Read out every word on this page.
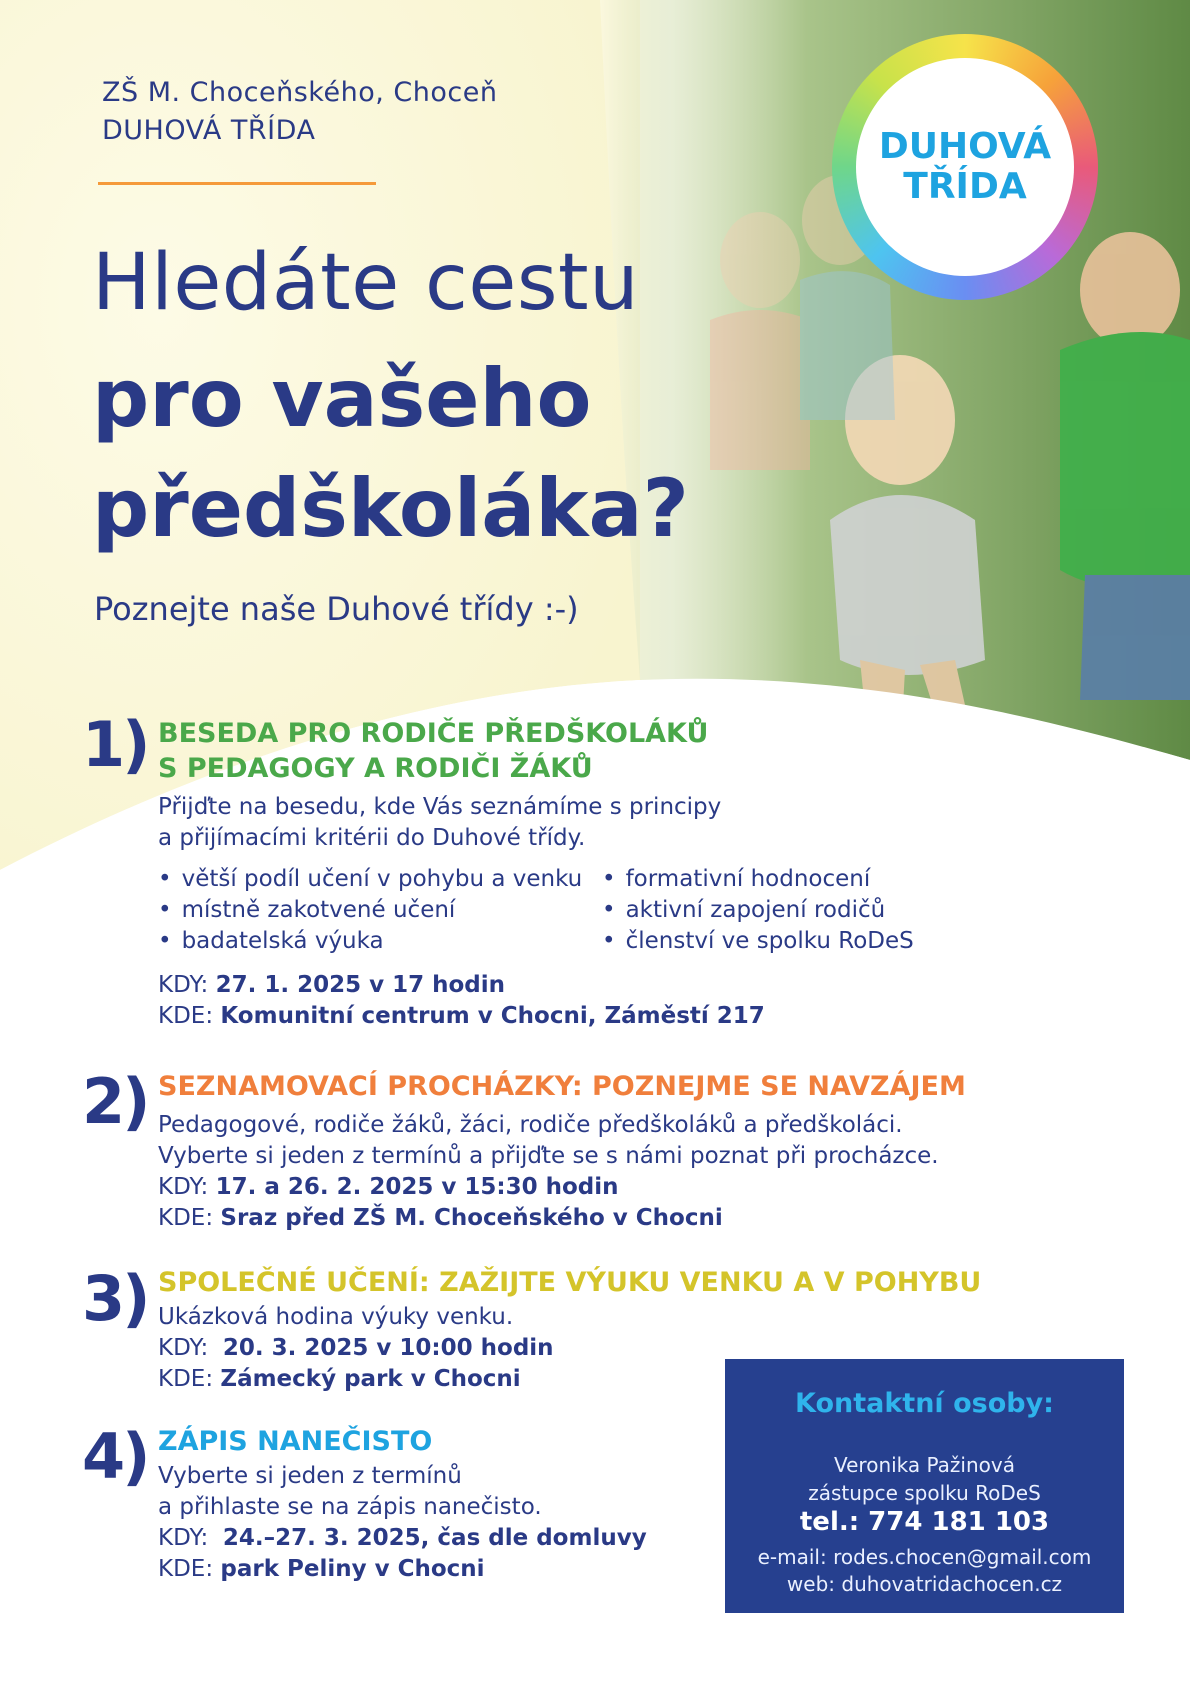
ZŠ M. Choceňského, Choceň
DUHOVÁ TŘÍDA	DUHOVÁ
TŘÍDA
Hledáte cestu
pro vašeho
předškoláka?
Poznejte naše Duhové třídy :-)
1) BESEDA PRO RODIČE PŘEDŠKOLÁKŮ
S PEDAGOGY A RODIČI ŽÁKŮ
Přijďte na besedu, kde Vás seznámíme s principy
a přijímacími kritérii do Duhové třídy.
• větší podíl učení v pohybu a venku
• místně zakotvené učení
• badatelská výuka
• formativní hodnocení
• aktivní zapojení rodičů
• členství ve spolku RoDeS
KDY: 27. 1. 2025 v 17 hodin
KDE: Komunitní centrum v Chocni, Záměstí 217
2) SEZNAMOVACÍ PROCHÁZKY: POZNEJME SE NAVZÁJEM
Pedagogové, rodiče žáků, žáci, rodiče předškoláků a předškoláci.
Vyberte si jeden z termínů a přijďte se s námi poznat při procházce.
KDY: 17. a 26. 2. 2025 v 15:30 hodin
KDE: Sraz před ZŠ M. Choceňského v Chocni
3) SPOLEČNÉ UČENÍ: ZAŽIJTE VÝUKU VENKU A V POHYBU
Ukázková hodina výuky venku.
KDY: 20. 3. 2025 v 10:00 hodin
KDE: Zámecký park v Chocni
4) ZÁPIS NANEČISTO
Vyberte si jeden z termínů
a přihlaste se na zápis nanečisto.
KDY: 24.–27. 3. 2025, čas dle domluvy
KDE: park Peliny v Chocni
Kontaktní osoby:
Veronika Pažinová
zástupce spolku RoDeS
tel.: 774 181 103
e-mail: rodes.chocen@gmail.com
web: duhovatridachocen.cz
